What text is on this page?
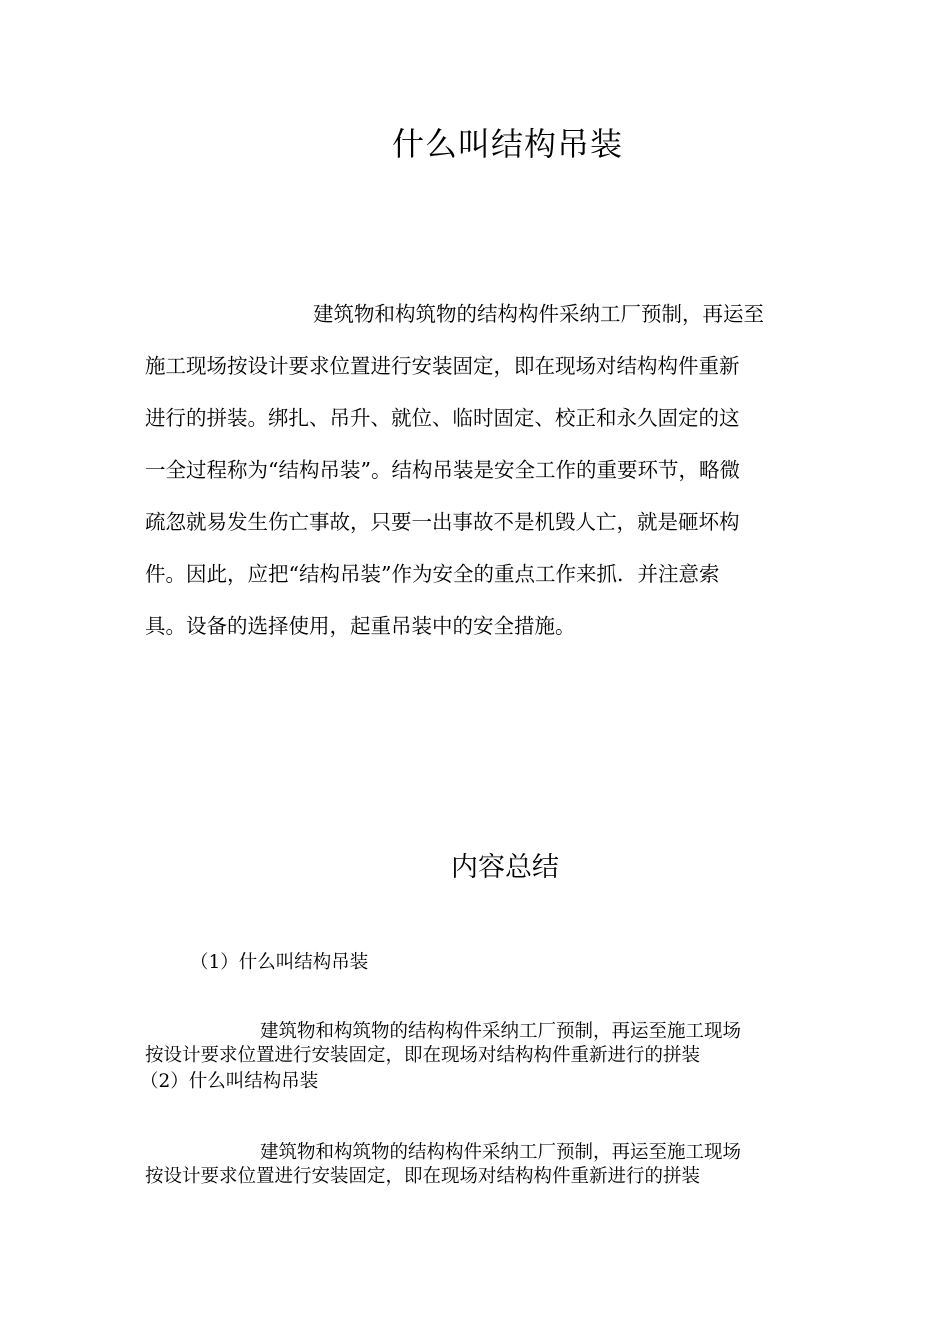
什么叫结构吊装
建筑物和构筑物的结构构件采纳工厂预制，再运至
施工现场按设计要求位置进行安装固定，即在现场对结构构件重新
进行的拼装。绑扎、吊升、就位、临时固定、校正和永久固定的这
一全过程称为“结构吊装”。结构吊装是安全工作的重要环节，略微
疏忽就易发生伤亡事故，只要一出事故不是机毁人亡，就是砸坏构
件。因此，应把“结构吊装”作为安全的重点工作来抓．并注意索
具。设备的选择使用，起重吊装中的安全措施。
内容总结
（1）什么叫结构吊装
建筑物和构筑物的结构构件采纳工厂预制，再运至施工现场
按设计要求位置进行安装固定，即在现场对结构构件重新进行的拼装
（2）什么叫结构吊装
建筑物和构筑物的结构构件采纳工厂预制，再运至施工现场
按设计要求位置进行安装固定，即在现场对结构构件重新进行的拼装
